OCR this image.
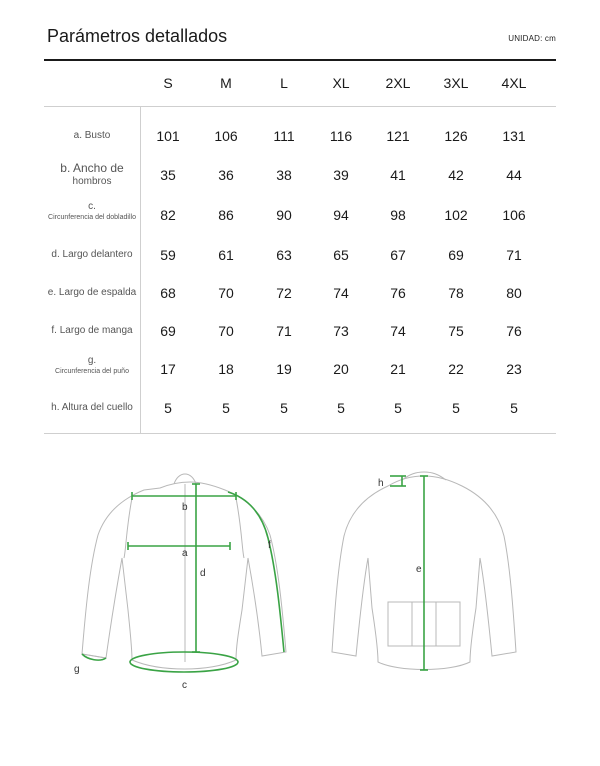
Parámetros detallados	UNIDAD: cm
S	M	L	XL	2XL	3XL	4XL
a. Busto	101	106	111	116	121	126	131
b. Ancho de
hombros	35	36	38	39	41	42	44
c.
Circunferencia del dobladillo	82	86	90	94	98	102	106
d. Largo delantero	59	61	63	65	67	69	71
e. Largo de espalda	68	70	72	74	76	78	80
f. Largo de manga	69	70	71	73	74	75	76
g.
Circunferencia del puño	17	18	19	20	21	22	23
h. Altura del cuello	5	5	5	5	5	5	5
b
a
d
f
c
g
e
h
